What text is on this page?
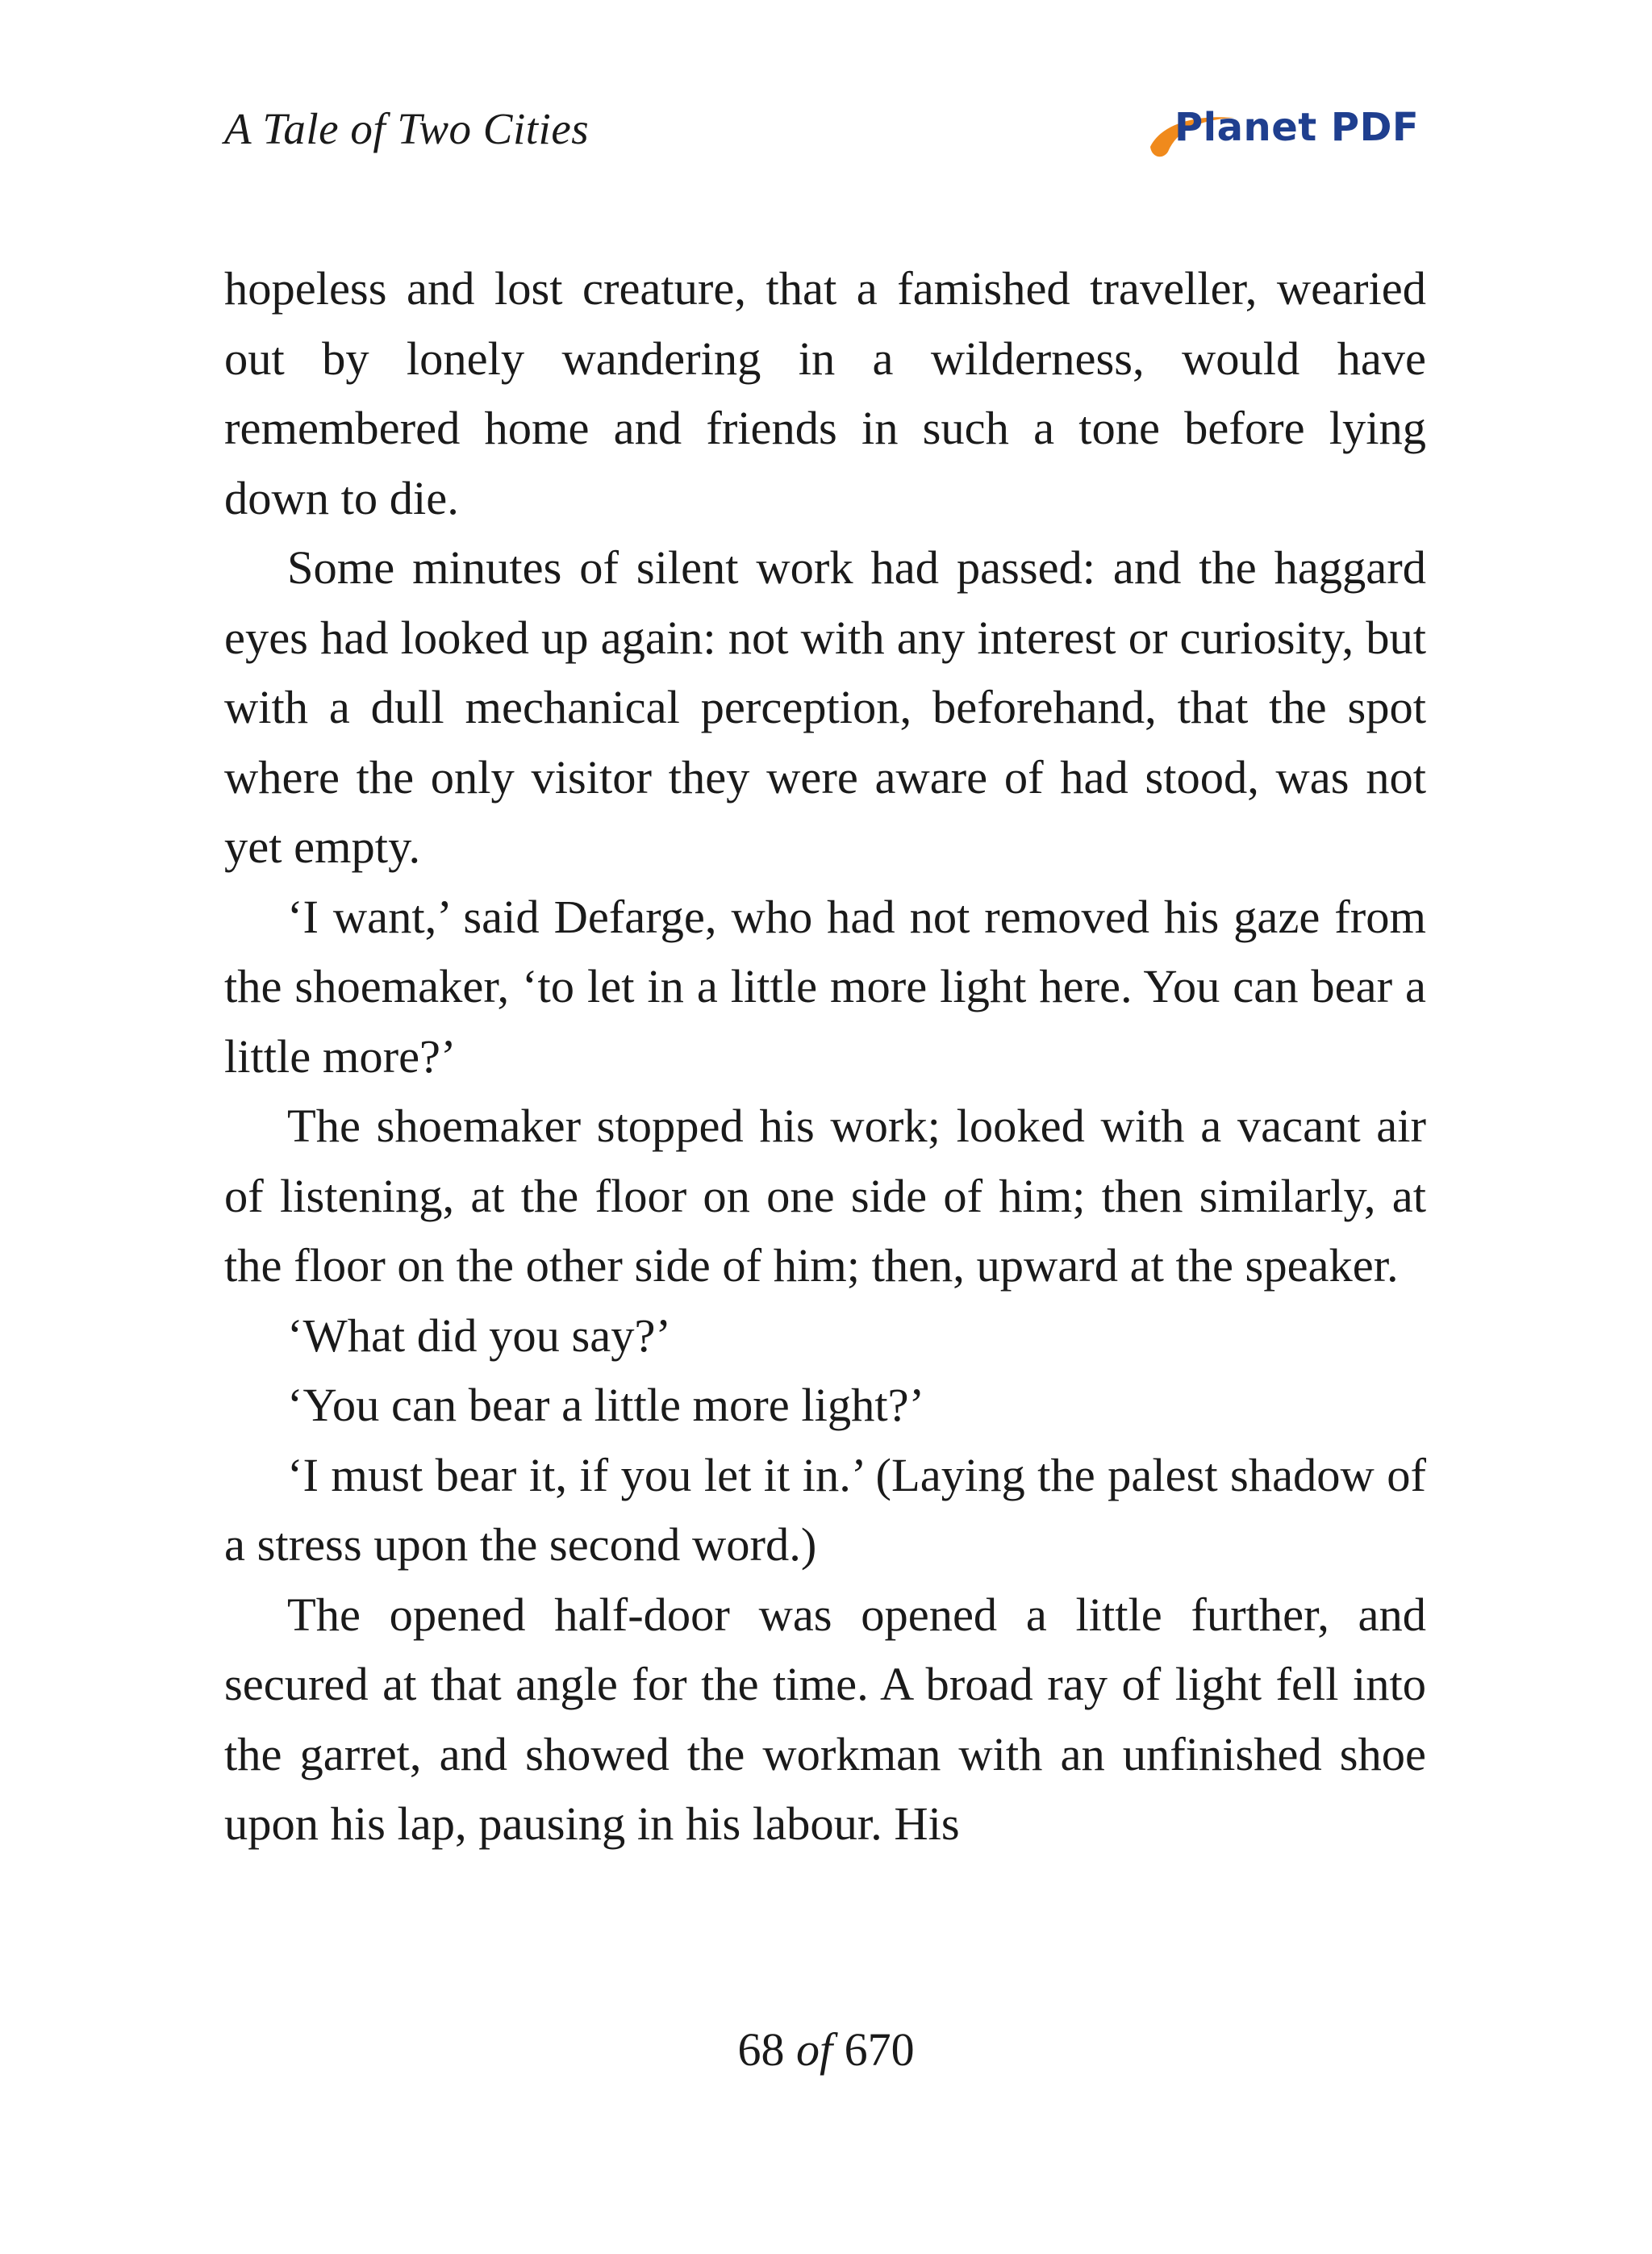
A Tale of Two Cities	Planet PDF

hopeless and lost creature, that a famished traveller, wearied out by lonely wandering in a wilderness, would have remembered home and friends in such a tone before lying down to die.

Some minutes of silent work had passed: and the haggard eyes had looked up again: not with any interest or curiosity, but with a dull mechanical perception, beforehand, that the spot where the only visitor they were aware of had stood, was not yet empty.

‘I want,’ said Defarge, who had not removed his gaze from the shoemaker, ‘to let in a little more light here. You can bear a little more?’

The shoemaker stopped his work; looked with a vacant air of listening, at the floor on one side of him; then similarly, at the floor on the other side of him; then, upward at the speaker.

‘What did you say?’

‘You can bear a little more light?’

‘I must bear it, if you let it in.’ (Laying the palest shadow of a stress upon the second word.)

The opened half-door was opened a little further, and secured at that angle for the time. A broad ray of light fell into the garret, and showed the workman with an unfinished shoe upon his lap, pausing in his labour. His

68 of 670
